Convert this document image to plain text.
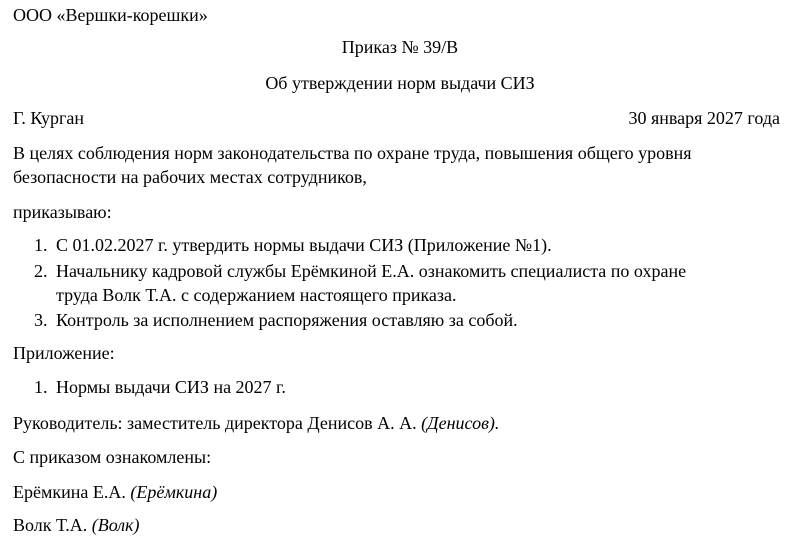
ООО «Вершки-корешки»
Приказ № 39/В
Об утверждении норм выдачи СИЗ
Г. Курган	30 января 2027 года
В целях соблюдения норм законодательства по охране труда, повышения общего уровня
безопасности на рабочих местах сотрудников,
приказываю:
1. С 01.02.2027 г. утвердить нормы выдачи СИЗ (Приложение №1).
2. Начальнику кадровой службы Ерёмкиной Е.А. ознакомить специалиста по охране
труда Волк Т.А. с содержанием настоящего приказа.
3. Контроль за исполнением распоряжения оставляю за собой.
Приложение:
1. Нормы выдачи СИЗ на 2027 г.
Руководитель: заместитель директора Денисов А. А. (Денисов).
С приказом ознакомлены:
Ерёмкина Е.А. (Ерёмкина)
Волк Т.А. (Волк)
